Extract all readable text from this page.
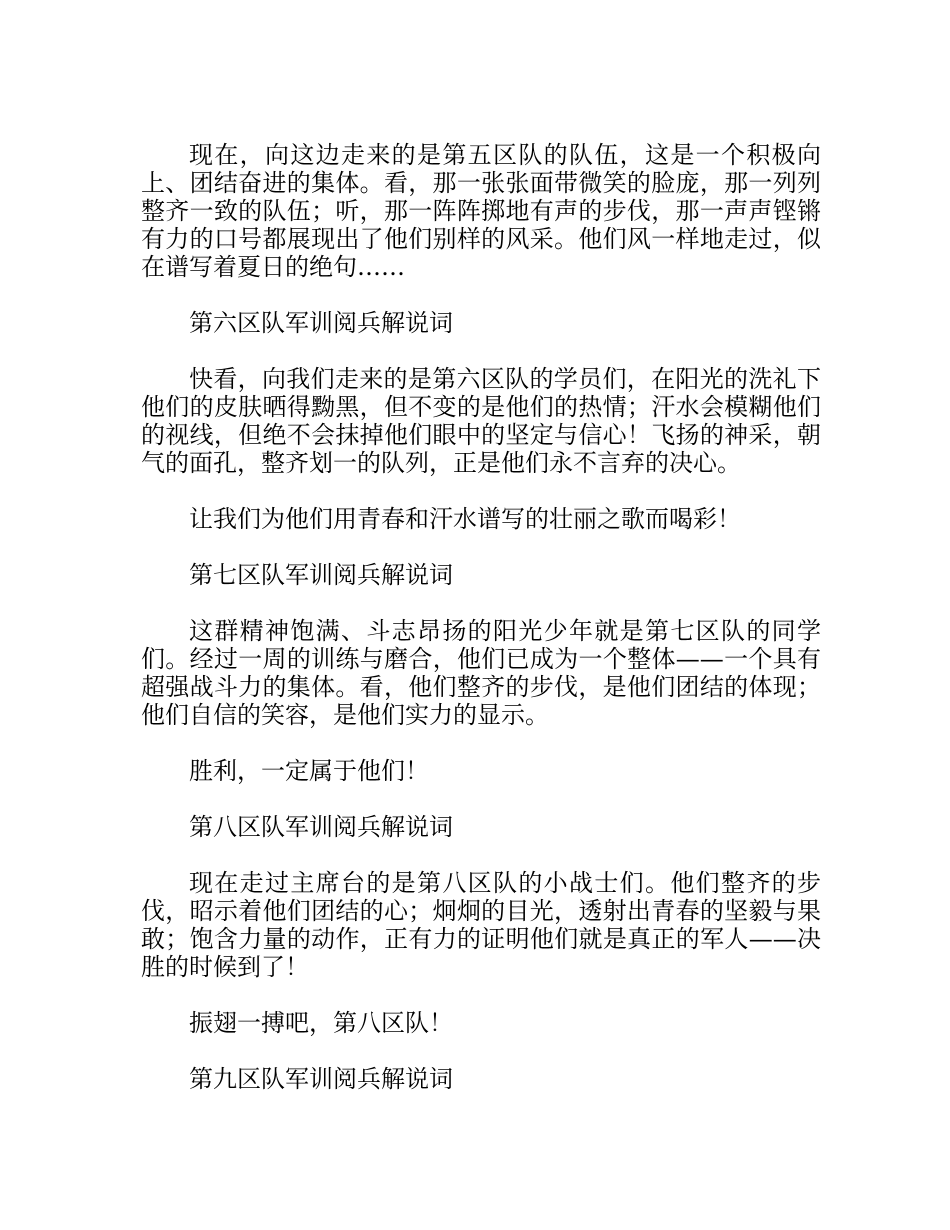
现在，向这边走来的是第五区队的队伍，这是一个积极向上、团结奋进的集体。看，那一张张面带微笑的脸庞，那一列列整齐一致的队伍；听，那一阵阵掷地有声的步伐，那一声声铿锵有力的口号都展现出了他们别样的风采。他们风一样地走过，似在谱写着夏日的绝句……

第六区队军训阅兵解说词

快看，向我们走来的是第六区队的学员们，在阳光的洗礼下他们的皮肤晒得黝黑，但不变的是他们的热情；汗水会模糊他们的视线，但绝不会抹掉他们眼中的坚定与信心！飞扬的神采，朝气的面孔，整齐划一的队列，正是他们永不言弃的决心。

让我们为他们用青春和汗水谱写的壮丽之歌而喝彩！

第七区队军训阅兵解说词

这群精神饱满、斗志昂扬的阳光少年就是第七区队的同学们。经过一周的训练与磨合，他们已成为一个整体——一个具有超强战斗力的集体。看，他们整齐的步伐，是他们团结的体现；他们自信的笑容，是他们实力的显示。

胜利，一定属于他们！

第八区队军训阅兵解说词

现在走过主席台的是第八区队的小战士们。他们整齐的步伐，昭示着他们团结的心；炯炯的目光，透射出青春的坚毅与果敢；饱含力量的动作，正有力的证明他们就是真正的军人——决胜的时候到了！

振翅一搏吧，第八区队！

第九区队军训阅兵解说词
